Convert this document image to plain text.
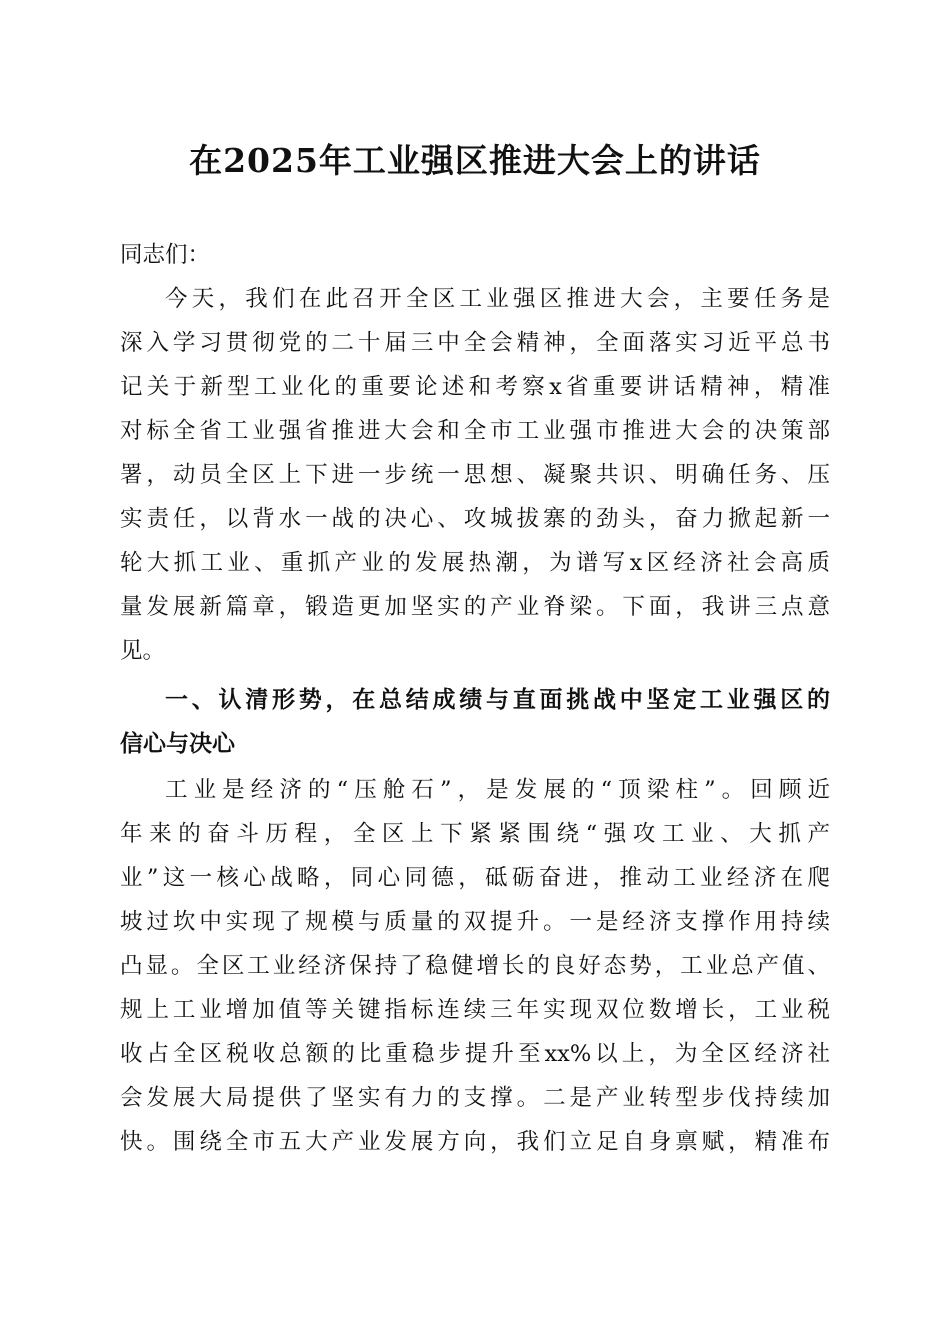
在2025年工业强区推进大会上的讲话

同志们：

今天，我们在此召开全区工业强区推进大会，主要任务是

深入学习贯彻党的二十届三中全会精神，全面落实习近平总书

记关于新型工业化的重要论述和考察x省重要讲话精神，精准

对标全省工业强省推进大会和全市工业强市推进大会的决策部

署，动员全区上下进一步统一思想、凝聚共识、明确任务、压

实责任，以背水一战的决心、攻城拔寨的劲头，奋力掀起新一

轮大抓工业、重抓产业的发展热潮，为谱写x区经济社会高质

量发展新篇章，锻造更加坚实的产业脊梁。下面，我讲三点意

见。

一、认清形势，在总结成绩与直面挑战中坚定工业强区的

信心与决心

工业是经济的“压舱石”，是发展的“顶梁柱”。回顾近

年来的奋斗历程，全区上下紧紧围绕“强攻工业、大抓产

业”这一核心战略，同心同德，砥砺奋进，推动工业经济在爬

坡过坎中实现了规模与质量的双提升。一是经济支撑作用持续

凸显。全区工业经济保持了稳健增长的良好态势，工业总产值、

规上工业增加值等关键指标连续三年实现双位数增长，工业税

收占全区税收总额的比重稳步提升至xx%以上，为全区经济社

会发展大局提供了坚实有力的支撑。二是产业转型步伐持续加

快。围绕全市五大产业发展方向，我们立足自身禀赋，精准布
